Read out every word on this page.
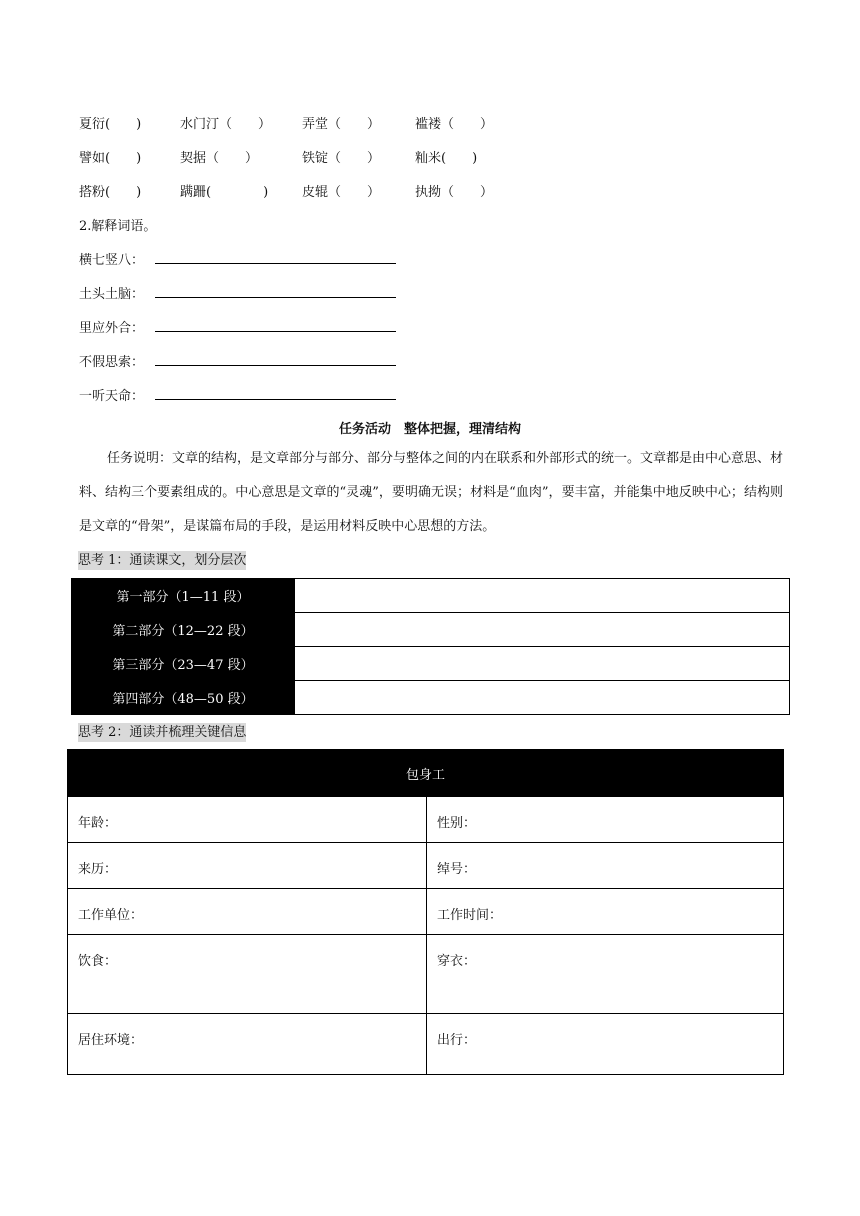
夏衍(　　)	水门汀（　　） 弄堂（　　）	褴褛（　　）
譬如(　　)	契据（　　）	铁锭（　　）	籼米(　　)
搭粉(　　)	蹒跚(　　　　)	皮辊（　　）	执拗（　　）
2.解释词语。
横七竖八：
土头土脑：
里应外合：
不假思索：
一听天命：
任务活动　整体把握，理清结构
任务说明：文章的结构，是文章部分与部分、部分与整体之间的内在联系和外部形式的统一。文章都是由中心意思、材料、结构三个要素组成的。中心意思是文章的“灵魂”，要明确无误；材料是“血肉”，要丰富，并能集中地反映中心；结构则是文章的“骨架”，是谋篇布局的手段，是运用材料反映中心思想的方法。
思考 1：通读课文，划分层次
第一部分（1—11 段）	
第二部分（12—22 段）	
第三部分（23—47 段）	
第四部分（48—50 段）	
思考 2：通读并梳理关键信息
包身工	
年龄：	性别：
来历：	绰号：
工作单位：	工作时间：
饮食：	穿衣：
居住环境：	出行：
